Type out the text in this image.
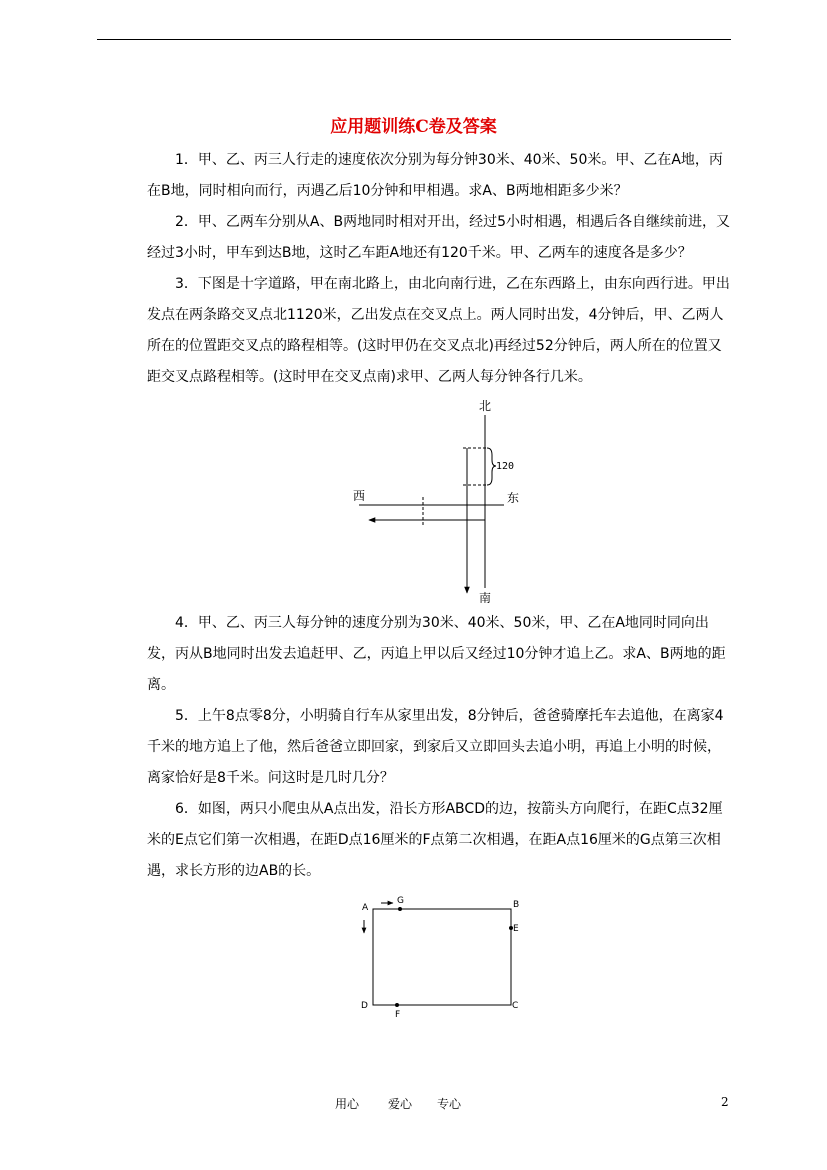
应用题训练C卷及答案

1．甲、乙、丙三人行走的速度依次分别为每分钟30米、40米、50米。甲、乙在A地，丙在B地，同时相向而行，丙遇乙后10分钟和甲相遇。求A、B两地相距多少米？

2．甲、乙两车分别从A、B两地同时相对开出，经过5小时相遇，相遇后各自继续前进，又经过3小时，甲车到达B地，这时乙车距A地还有120千米。甲、乙两车的速度各是多少？

3．下图是十字道路，甲在南北路上，由北向南行进，乙在东西路上，由东向西行进。甲出发点在两条路交叉点北1120米，乙出发点在交叉点上。两人同时出发，4分钟后，甲、乙两人所在的位置距交叉点的路程相等。(这时甲仍在交叉点北)再经过52分钟后，两人所在的位置又距交叉点路程相等。(这时甲在交叉点南)求甲、乙两人每分钟各行几米。

北
南
西	东
120

4．甲、乙、丙三人每分钟的速度分别为30米、40米、50米，甲、乙在A地同时同向出发，丙从B地同时出发去追赶甲、乙，丙追上甲以后又经过10分钟才追上乙。求A、B两地的距离。

5．上午8点零8分，小明骑自行车从家里出发，8分钟后，爸爸骑摩托车去追他，在离家4千米的地方追上了他，然后爸爸立即回家，到家后又立即回头去追小明，再追上小明的时候，离家恰好是8千米。问这时是几时几分？

6．如图，两只小爬虫从A点出发，沿长方形ABCD的边，按箭头方向爬行，在距C点32厘米的E点它们第一次相遇，在距D点16厘米的F点第二次相遇，在距A点16厘米的G点第三次相遇，求长方形的边AB的长。

A
G	B
E
D
F
C
用心 爱心 专心	2
